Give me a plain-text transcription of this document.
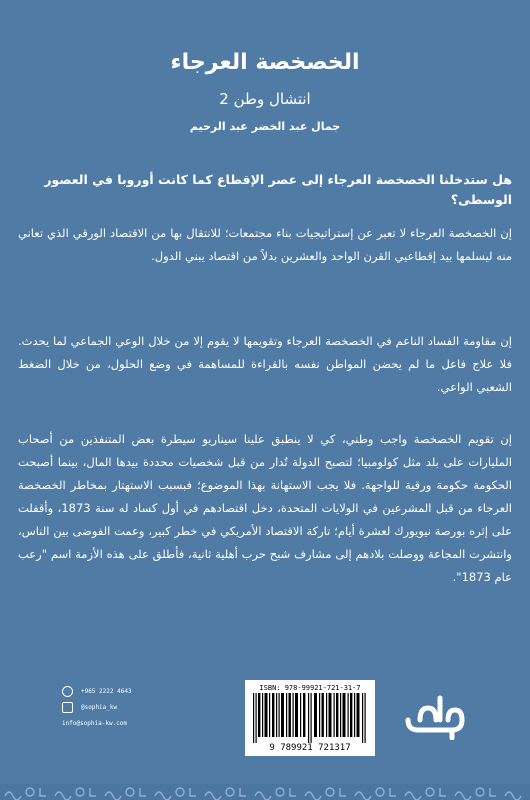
الخصخصة العرجاء
انتشال وطن 2
جمال عبد الخضر عبد الرحيم
هل ستدخلنا الخصخصة العرجاء إلى عصر الإقطاع كما كانت أوروبا في العصور الوسطى؟
إن الخصخصة العرجاء لا تعبر عن إستراتيجيات بناء مجتمعات؛ للانتقال بها من الاقتصاد الورقي الذي تعاني منه ليسلمها بيد إقطاعيي القرن الواحد والعشرين بدلاً من اقتصاد يبني الدول.
إن مقاومة الفساد الناعم في الخصخصة العرجاء وتقويمها لا يقوم إلا من خلال الوعي الجماعي لما يحدث. فلا علاج فاعل ما لم يحضن المواطن نفسه بالقراءة للمساهمة في وضع الحلول، من خلال الضغط الشعبي الواعي.
إن تقويم الخصخصة واجب وطني، كي لا ينطبق علينا سيناريو سيطرة بعض المتنفذين من أصحاب المليارات على بلد مثل كولومبيا؛ لتصبح الدولة تُدار من قبل شخصيات محددة بيدها المال، بينما أصبحت الحكومة حكومة ورقية للواجهة. فلا يجب الاستهانة بهذا الموضوع؛ فبسبب الاستهتار بمخاطر الخصخصة العرجاء من قبل المشرعين في الولايات المتحدة، دخل اقتصادهم في أول كساد له سنة 1873، وأقفلت على إثره بورصة نيويورك لعشرة أيام؛ تاركة الاقتصاد الأمريكي في خطر كبير، وعمت الفوضى بين الناس، وانتشرت المجاعة ووصلت بلادهم إلى مشارف شبح حرب أهلية ثانية، فأطلق على هذه الأزمة اسم "رعب عام 1873".
+965 2222 4643
@sophia_kw
info@sophia-kw.com
ISBN: 978-99921-721-31-7
9 789921 721317
